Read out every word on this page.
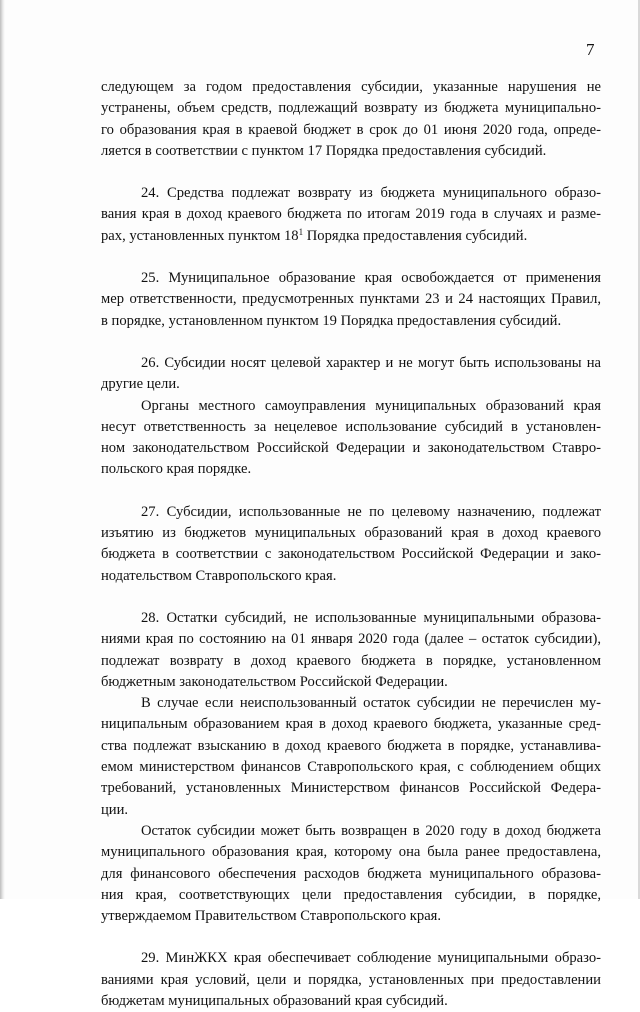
7

следующем за годом предоставления субсидии, указанные нарушения не
устранены, объем средств, подлежащий возврату из бюджета муниципально-
го образования края в краевой бюджет в срок до 01 июня 2020 года, опреде-
ляется в соответствии с пунктом 17 Порядка предоставления субсидий.

24. Средства подлежат возврату из бюджета муниципального образо-
вания края в доход краевого бюджета по итогам 2019 года в случаях и разме-
рах, установленных пунктом $18^1$ Порядка предоставления субсидий.

25. Муниципальное образование края освобождается от применения
мер ответственности, предусмотренных пунктами 23 и 24 настоящих Правил,
в порядке, установленном пунктом 19 Порядка предоставления субсидий.

26. Субсидии носят целевой характер и не могут быть использованы на
другие цели.

Органы местного самоуправления муниципальных образований края
несут ответственность за нецелевое использование субсидий в установлен-
ном законодательством Российской Федерации и законодательством Ставро-
польского края порядке.

27. Субсидии, использованные не по целевому назначению, подлежат
изъятию из бюджетов муниципальных образований края в доход краевого
бюджета в соответствии с законодательством Российской Федерации и зако-
нодательством Ставропольского края.

28. Остатки субсидий, не использованные муниципальными образова-
ниями края по состоянию на 01 января 2020 года (далее – остаток субсидии),
подлежат возврату в доход краевого бюджета в порядке, установленном
бюджетным законодательством Российской Федерации.

В случае если неиспользованный остаток субсидии не перечислен му-
ниципальным образованием края в доход краевого бюджета, указанные сред-
ства подлежат взысканию в доход краевого бюджета в порядке, устанавлива-
емом министерством финансов Ставропольского края, с соблюдением общих
требований, установленных Министерством финансов Российской Федера-
ции.

Остаток субсидии может быть возвращен в 2020 году в доход бюджета
муниципального образования края, которому она была ранее предоставлена,
для финансового обеспечения расходов бюджета муниципального образова-
ния края, соответствующих цели предоставления субсидии, в порядке,
утверждаемом Правительством Ставропольского края.

29. МинЖКХ края обеспечивает соблюдение муниципальными образо-
ваниями края условий, цели и порядка, установленных при предоставлении
бюджетам муниципальных образований края субсидий.
